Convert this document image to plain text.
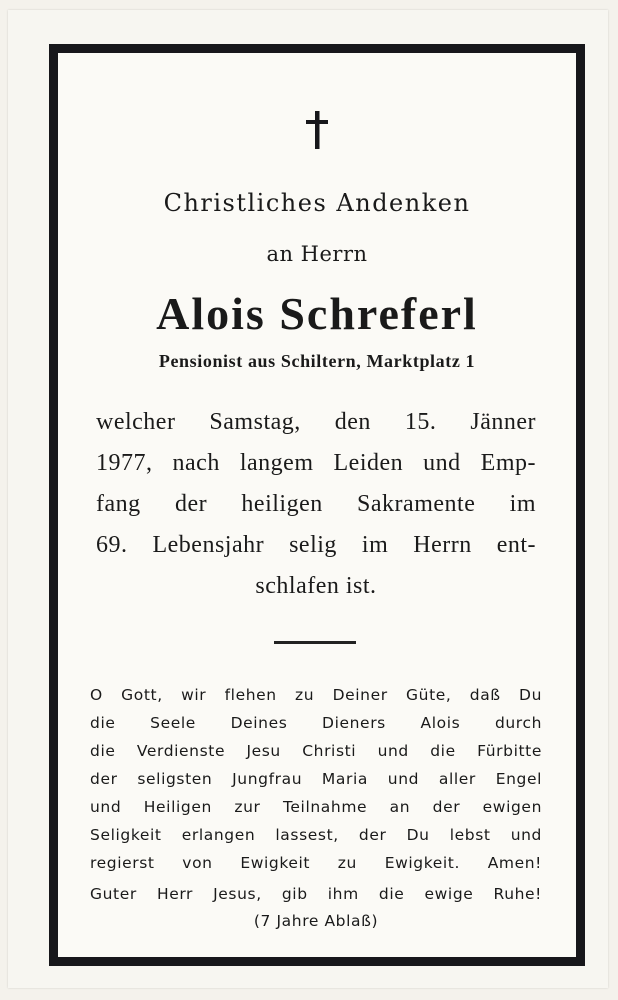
Christliches Andenken
an Herrn
Alois Schreferl
Pensionist aus Schiltern, Marktplatz 1
welcher Samstag, den 15. Jänner
1977, nach langem Leiden und Emp-
fang der heiligen Sakramente im
69. Lebensjahr selig im Herrn ent-
schlafen ist.
O Gott, wir flehen zu Deiner Güte, daß Du
die Seele Deines Dieners Alois durch
die Verdienste Jesu Christi und die Fürbitte
der seligsten Jungfrau Maria und aller Engel
und Heiligen zur Teilnahme an der ewigen
Seligkeit erlangen lassest, der Du lebst und
regierst von Ewigkeit zu Ewigkeit. Amen!
Guter Herr Jesus, gib ihm die ewige Ruhe!
(7 Jahre Ablaß)
